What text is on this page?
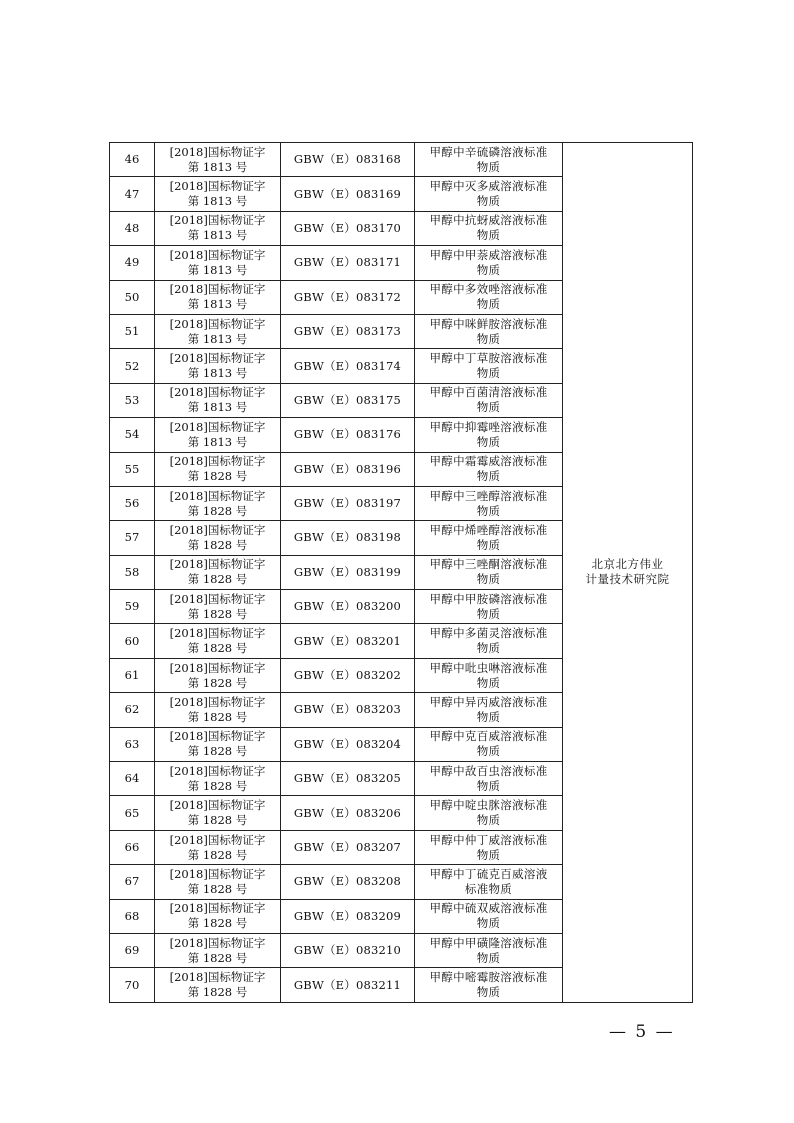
46	[2018]国标物证字
第 1813 号	GBW（E）083168	甲醇中辛硫磷溶液标准
物质	北京北方伟业
计量技术研究院

47	[2018]国标物证字
第 1813 号	GBW（E）083169	甲醇中灭多威溶液标准
物质	

48	[2018]国标物证字
第 1813 号	GBW（E）083170	甲醇中抗蚜威溶液标准
物质	

49	[2018]国标物证字
第 1813 号	GBW（E）083171	甲醇中甲萘威溶液标准
物质	

50	[2018]国标物证字
第 1813 号	GBW（E）083172	甲醇中多效唑溶液标准
物质	

51	[2018]国标物证字
第 1813 号	GBW（E）083173	甲醇中咪鲜胺溶液标准
物质	

52	[2018]国标物证字
第 1813 号	GBW（E）083174	甲醇中丁草胺溶液标准
物质	

53	[2018]国标物证字
第 1813 号	GBW（E）083175	甲醇中百菌清溶液标准
物质	

54	[2018]国标物证字
第 1813 号	GBW（E）083176	甲醇中抑霉唑溶液标准
物质	

55	[2018]国标物证字
第 1828 号	GBW（E）083196	甲醇中霜霉威溶液标准
物质	

56	[2018]国标物证字
第 1828 号	GBW（E）083197	甲醇中三唑醇溶液标准
物质	

57	[2018]国标物证字
第 1828 号	GBW（E）083198	甲醇中烯唑醇溶液标准
物质	

58	[2018]国标物证字
第 1828 号	GBW（E）083199	甲醇中三唑酮溶液标准
物质	

59	[2018]国标物证字
第 1828 号	GBW（E）083200	甲醇中甲胺磷溶液标准
物质	

60	[2018]国标物证字
第 1828 号	GBW（E）083201	甲醇中多菌灵溶液标准
物质	

61	[2018]国标物证字
第 1828 号	GBW（E）083202	甲醇中吡虫啉溶液标准
物质	

62	[2018]国标物证字
第 1828 号	GBW（E）083203	甲醇中异丙威溶液标准
物质	

63	[2018]国标物证字
第 1828 号	GBW（E）083204	甲醇中克百威溶液标准
物质	

64	[2018]国标物证字
第 1828 号	GBW（E）083205	甲醇中敌百虫溶液标准
物质	

65	[2018]国标物证字
第 1828 号	GBW（E）083206	甲醇中啶虫脒溶液标准
物质	

66	[2018]国标物证字
第 1828 号	GBW（E）083207	甲醇中仲丁威溶液标准
物质	

67	[2018]国标物证字
第 1828 号	GBW（E）083208	甲醇中丁硫克百威溶液
标准物质	

68	[2018]国标物证字
第 1828 号	GBW（E）083209	甲醇中硫双威溶液标准
物质	

69	[2018]国标物证字
第 1828 号	GBW（E）083210	甲醇中甲磺隆溶液标准
物质	

70	[2018]国标物证字
第 1828 号	GBW（E）083211	甲醇中嘧霉胺溶液标准
物质	
— 5 —
